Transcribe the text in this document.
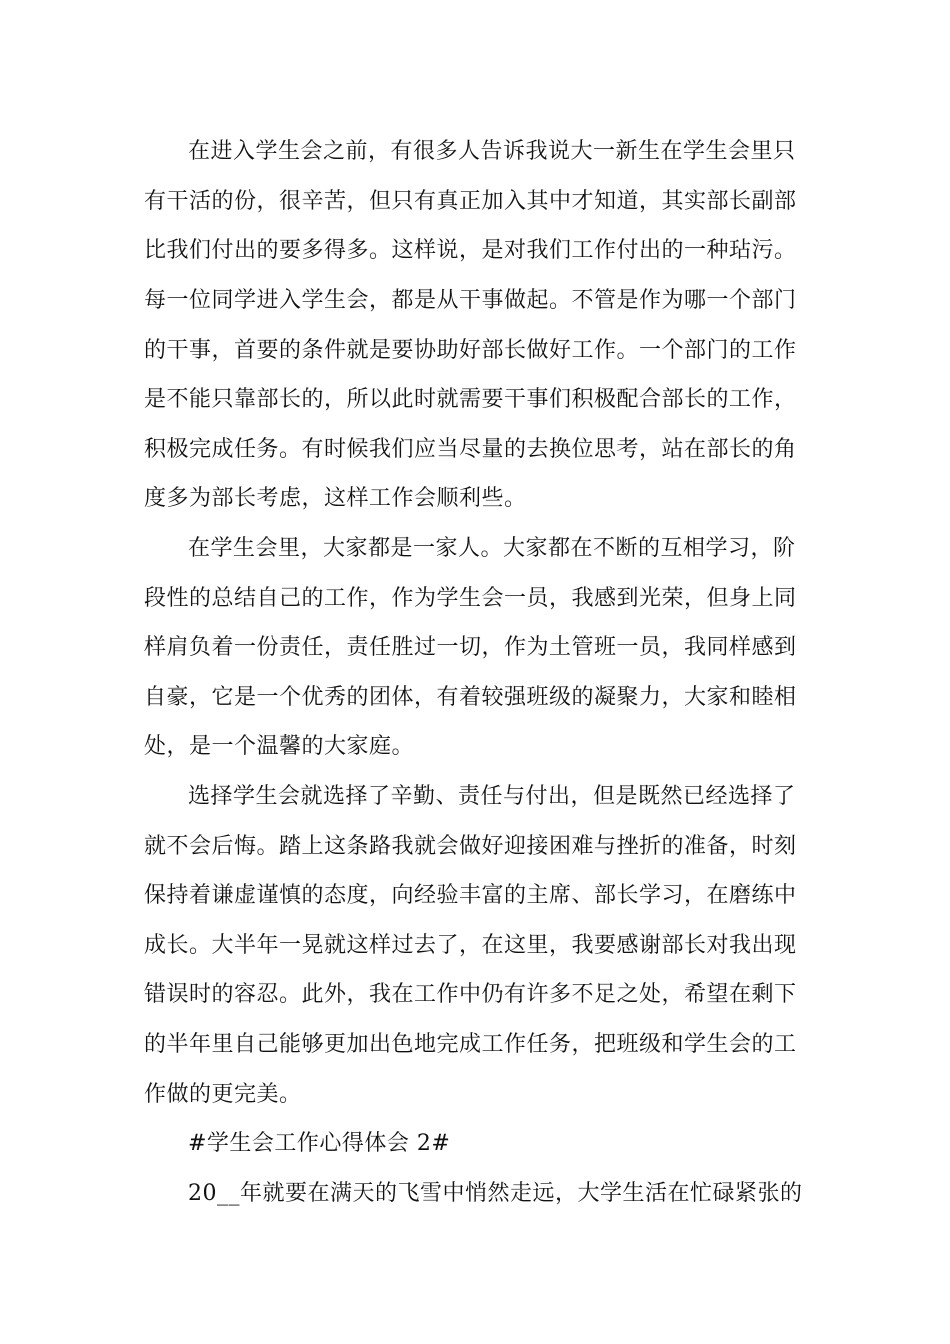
在进入学生会之前，有很多人告诉我说大一新生在学生会里只
有干活的份，很辛苦，但只有真正加入其中才知道，其实部长副部
比我们付出的要多得多。这样说，是对我们工作付出的一种玷污。
每一位同学进入学生会，都是从干事做起。不管是作为哪一个部门
的干事，首要的条件就是要协助好部长做好工作。一个部门的工作
是不能只靠部长的，所以此时就需要干事们积极配合部长的工作，
积极完成任务。有时候我们应当尽量的去换位思考，站在部长的角
度多为部长考虑，这样工作会顺利些。
在学生会里，大家都是一家人。大家都在不断的互相学习，阶
段性的总结自己的工作，作为学生会一员，我感到光荣，但身上同
样肩负着一份责任，责任胜过一切，作为土管班一员，我同样感到
自豪，它是一个优秀的团体，有着较强班级的凝聚力，大家和睦相
处，是一个温馨的大家庭。
选择学生会就选择了辛勤、责任与付出，但是既然已经选择了
就不会后悔。踏上这条路我就会做好迎接困难与挫折的准备，时刻
保持着谦虚谨慎的态度，向经验丰富的主席、部长学习，在磨练中
成长。大半年一晃就这样过去了，在这里，我要感谢部长对我出现
错误时的容忍。此外，我在工作中仍有许多不足之处，希望在剩下
的半年里自己能够更加出色地完成工作任务，把班级和学生会的工
作做的更完美。
#学生会工作心得体会 2#
20__年就要在满天的飞雪中悄然走远，大学生活在忙碌紧张的
